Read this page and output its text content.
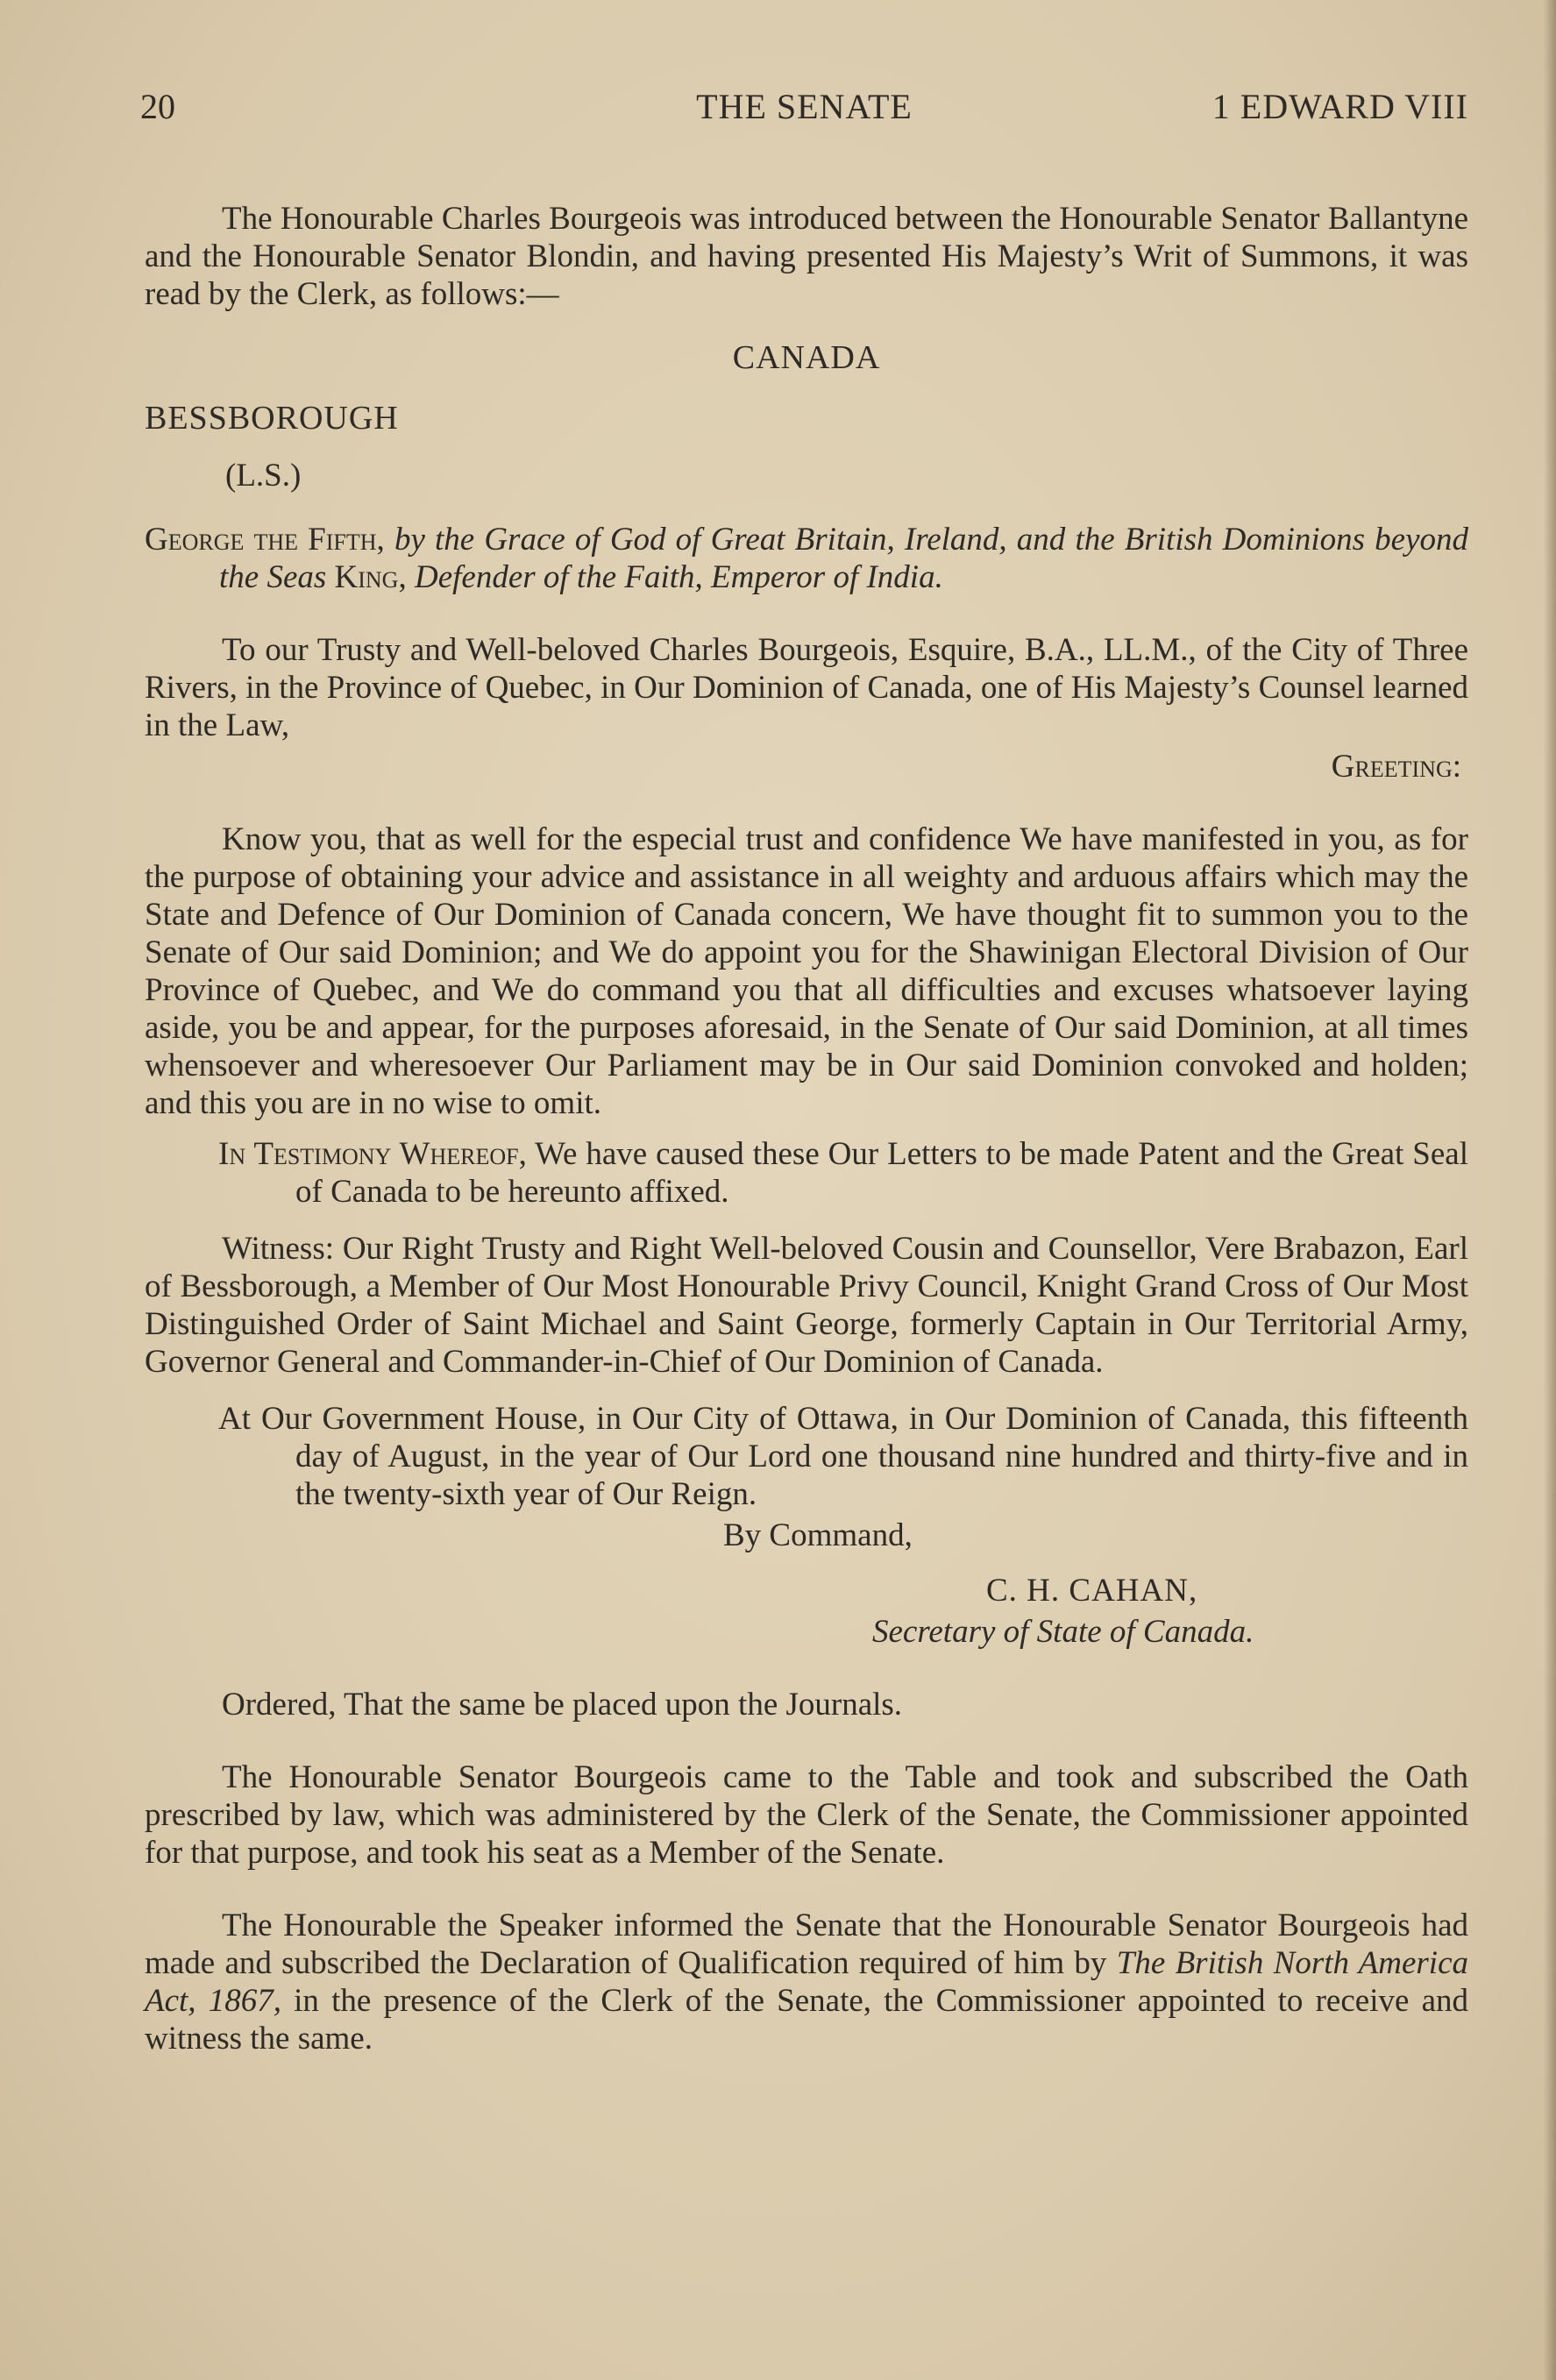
20	THE SENATE	1 EDWARD VIII

The Honourable Charles Bourgeois was introduced between the Honourable Senator Ballantyne and the Honourable Senator Blondin, and having presented His Majesty’s Writ of Summons, it was read by the Clerk, as follows:—

CANADA
BESSBOROUGH
(L.S.)

George the Fifth, by the Grace of God of Great Britain, Ireland, and the British Dominions beyond the Seas King, Defender of the Faith, Emperor of India.

To our Trusty and Well-beloved Charles Bourgeois, Esquire, B.A., LL.M., of the City of Three Rivers, in the Province of Quebec, in Our Dominion of Canada, one of His Majesty’s Counsel learned in the Law,

Greeting:

Know you, that as well for the especial trust and confidence We have manifested in you, as for the purpose of obtaining your advice and assistance in all weighty and arduous affairs which may the State and Defence of Our Dominion of Canada concern, We have thought fit to summon you to the Senate of Our said Dominion; and We do appoint you for the Shawinigan Electoral Division of Our Province of Quebec, and We do command you that all difficulties and excuses whatsoever laying aside, you be and appear, for the purposes aforesaid, in the Senate of Our said Dominion, at all times whensoever and wheresoever Our Parliament may be in Our said Dominion convoked and holden; and this you are in no wise to omit.

In Testimony Whereof, We have caused these Our Letters to be made Patent and the Great Seal of Canada to be hereunto affixed.

Witness: Our Right Trusty and Right Well-beloved Cousin and Counsellor, Vere Brabazon, Earl of Bessborough, a Member of Our Most Honourable Privy Council, Knight Grand Cross of Our Most Distinguished Order of Saint Michael and Saint George, formerly Captain in Our Territorial Army, Governor General and Commander-in-Chief of Our Dominion of Canada.

At Our Government House, in Our City of Ottawa, in Our Dominion of Canada, this fifteenth day of August, in the year of Our Lord one thousand nine hundred and thirty-five and in the twenty-sixth year of Our Reign.

By Command,
C. H. CAHAN,
Secretary of State of Canada.

Ordered, That the same be placed upon the Journals.

The Honourable Senator Bourgeois came to the Table and took and subscribed the Oath prescribed by law, which was administered by the Clerk of the Senate, the Commissioner appointed for that purpose, and took his seat as a Member of the Senate.

The Honourable the Speaker informed the Senate that the Honourable Senator Bourgeois had made and subscribed the Declaration of Qualification required of him by The British North America Act, 1867, in the presence of the Clerk of the Senate, the Commissioner appointed to receive and witness the same.
